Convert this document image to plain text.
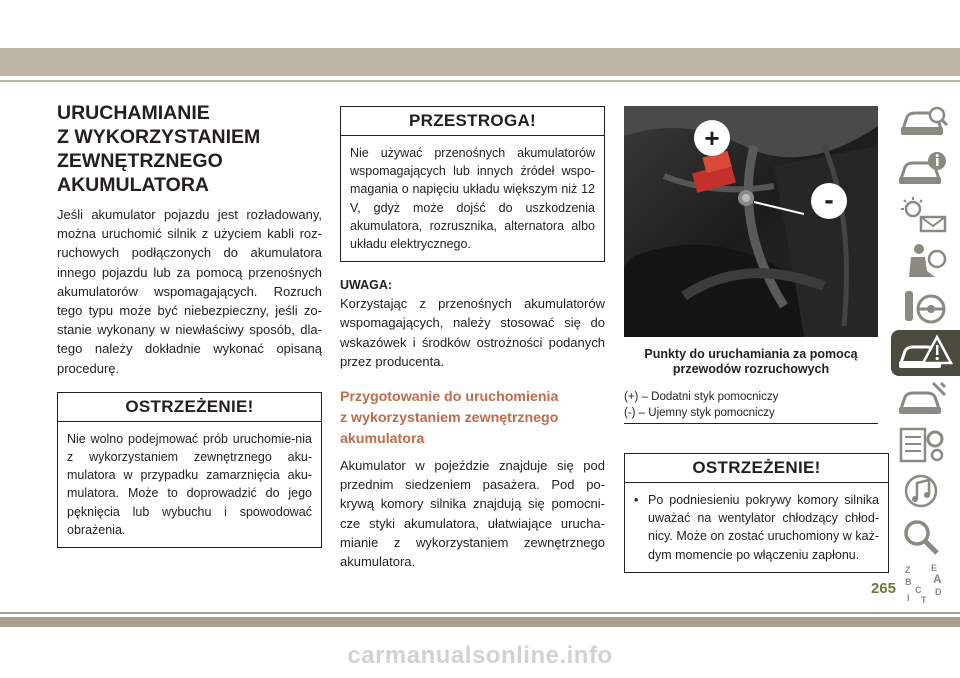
URUCHAMIANIE
Z WYKORZYSTANIEM
ZEWNĘTRZNEGO
AKUMULATORA

Jeśli akumulator pojazdu jest rozładowany, można uruchomić silnik z użyciem kabli roz-ruchowych podłączonych do akumulatora innego pojazdu lub za pomocą przenośnych akumulatorów wspomagających. Rozruch tego typu może być niebezpieczny, jeśli zo-stanie wykonany w niewłaściwy sposób, dla-tego należy dokładnie wykonać opisaną procedurę.

OSTRZEŻENIE!
Nie wolno podejmować prób uruchomie-nia z wykorzystaniem zewnętrznego aku-mulatora w przypadku zamarznięcia aku-mulatora. Może to doprowadzić do jego pęknięcia lub wybuchu i spowodować obrażenia.
PRZESTROGA!
Nie używać przenośnych akumulatorów wspomagających lub innych źródeł wspo-magania o napięciu układu większym niż 12 V, gdyż może dojść do uszkodzenia akumulatora, rozrusznika, alternatora albo układu elektrycznego.
UWAGA:

Korzystając z przenośnych akumulatorów wspomagających, należy stosować się do wskazówek i środków ostrożności podanych przez producenta.

Przygotowanie do uruchomienia
z wykorzystaniem zewnętrznego
akumulatora

Akumulator w pojeździe znajduje się pod przednim siedzeniem pasażera. Pod po-krywą komory silnika znajdują się pomocni-cze styki akumulatora, ułatwiające urucha-mianie z wykorzystaniem zewnętrznego akumulatora.

+
-
Punkty do uruchamiania za pomocą
przewodów rozruchowych
(+) – Dodatni styk pomocniczy
(-) – Ujemny styk pomocniczy
OSTRZEŻENIE!
• Po podniesieniu pokrywy komory silnika uważać na wentylator chłodzący chłod-nicy. Może on zostać uruchomiony w każ-dym momencie po włączeniu zapłonu.
Z E
B A
C D
I T
265
carmanualsonline.info
